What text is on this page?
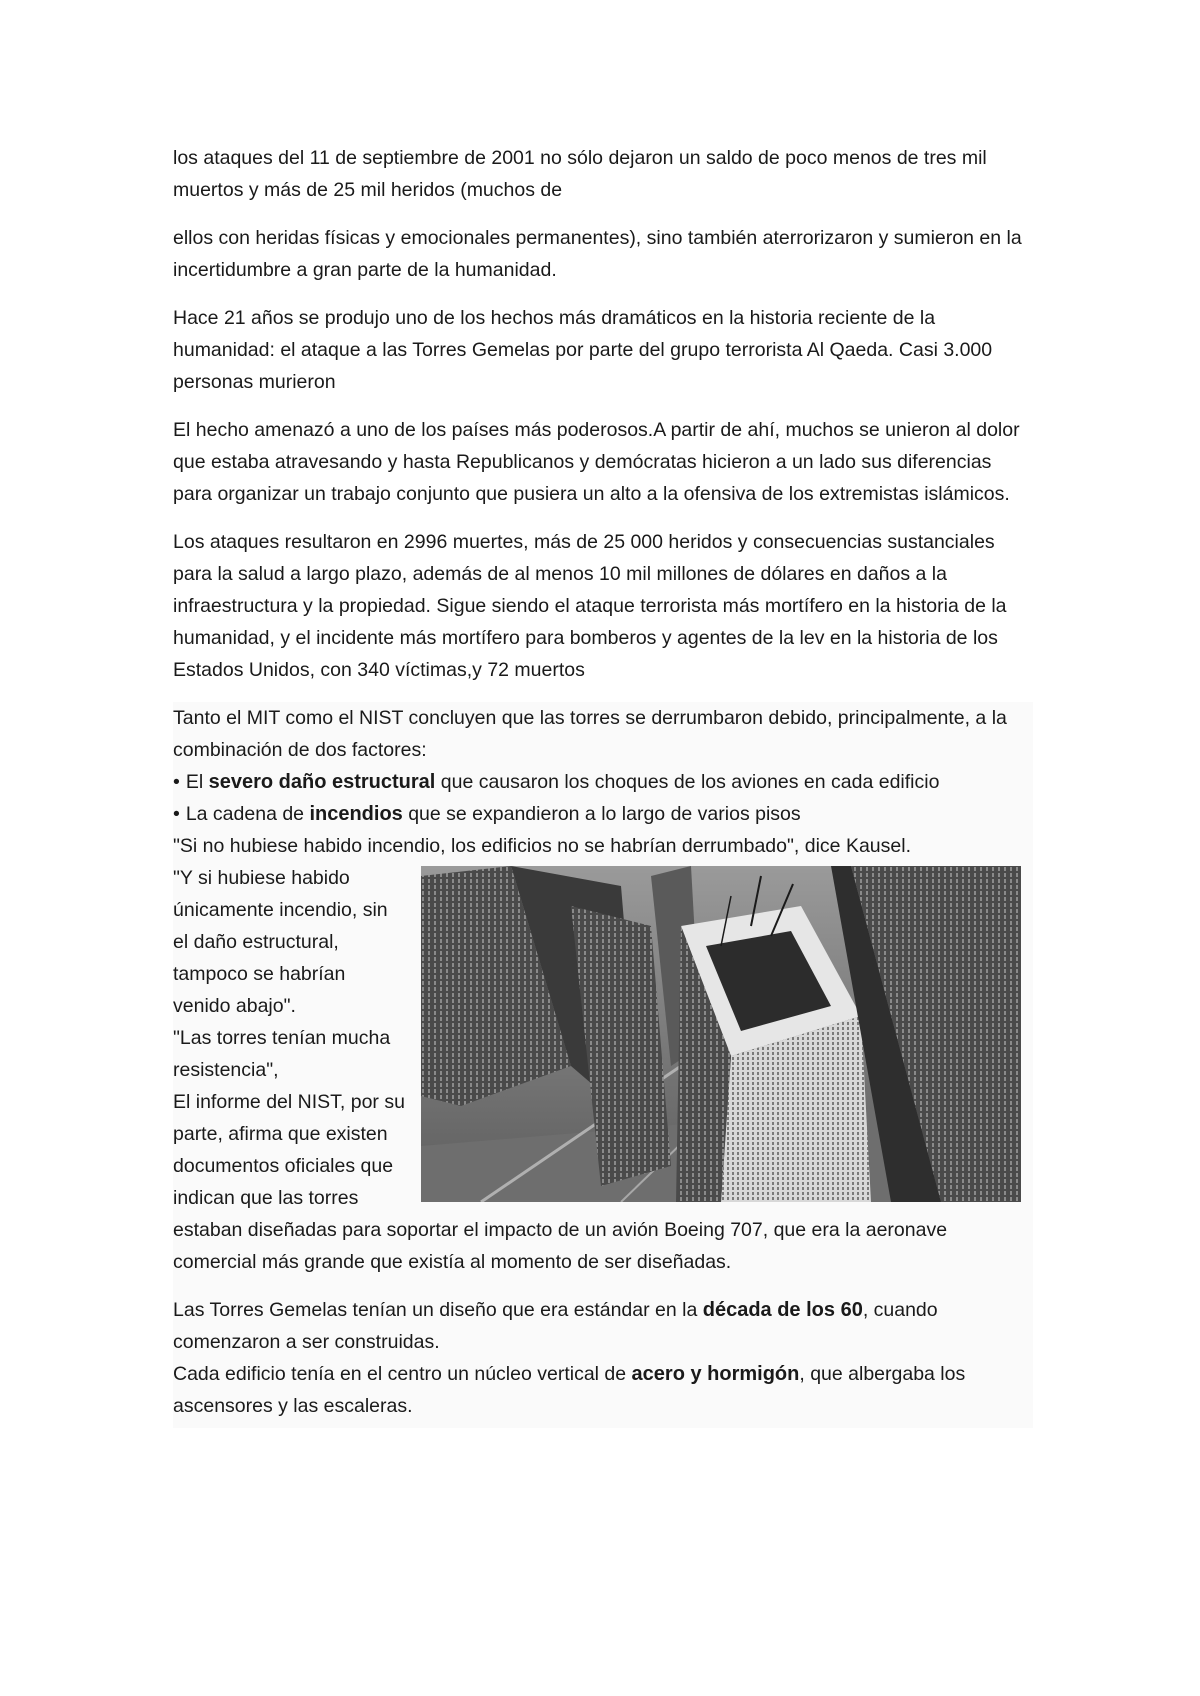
los ataques del 11 de septiembre de 2001 no sólo dejaron un saldo de poco menos de tres mil muertos y más de 25 mil heridos (muchos de

ellos con heridas físicas y emocionales permanentes), sino también aterrorizaron y sumieron en la incertidumbre a gran parte de la humanidad.

Hace 21 años se produjo uno de los hechos más dramáticos en la historia reciente de la humanidad: el ataque a las Torres Gemelas por parte del grupo terrorista Al Qaeda. Casi 3.000 personas murieron

El hecho amenazó a uno de los países más poderosos.A partir de ahí, muchos se unieron al dolor que estaba atravesando y hasta Republicanos y demócratas hicieron a un lado sus diferencias para organizar un trabajo conjunto que pusiera un alto a la ofensiva de los extremistas islámicos.

Los ataques resultaron en 2996 muertes, más de 25 000 heridos y consecuencias sustanciales para la salud a largo plazo, además de al menos 10 mil millones de dólares en daños a la infraestructura y la propiedad. Sigue siendo el ataque terrorista más mortífero en la historia de la humanidad, y el incidente más mortífero para bomberos y agentes de la lev en la historia de los Estados Unidos, con 340 víctimas,y 72 muertos

Tanto el MIT como el NIST concluyen que las torres se derrumbaron debido, principalmente, a la combinación de dos factores:

• El severo daño estructural que causaron los choques de los aviones en cada edificio

• La cadena de incendios que se expandieron a lo largo de varios pisos

"Si no hubiese habido incendio, los edificios no se habrían derrumbado", dice Kausel.

"Y si hubiese habido únicamente incendio, sin el daño estructural, tampoco se habrían venido abajo".

"Las torres tenían mucha resistencia",

El informe del NIST, por su parte, afirma que existen documentos oficiales que indican que las torres estaban diseñadas para soportar el impacto de un avión Boeing 707, que era la aeronave comercial más grande que existía al momento de ser diseñadas.

Las Torres Gemelas tenían un diseño que era estándar en la década de los 60, cuando comenzaron a ser construidas.

Cada edificio tenía en el centro un núcleo vertical de acero y hormigón, que albergaba los ascensores y las escaleras.
